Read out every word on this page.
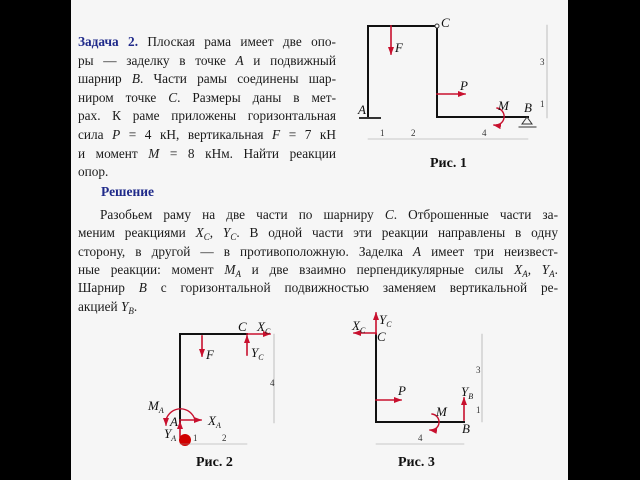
Задача 2. Плоская рама имеет две опо-
ры — заделку в точке A и подвижный
шарнир B. Части рамы соединены шар-
ниром точке C. Размеры даны в мет-
рах. К раме приложены горизонтальная
сила P = 4 кН, вертикальная F = 7 кН
и момент M = 8 кНм. Найти реакции
опор.
Решение
Разобьем раму на две части по шарниру C. Отброшенные части за-
меним реакциями $X_C$, $Y_C$. В одной части эти реакции направлены в одну
сторону, в другой — в противоположную. Заделка A имеет три неизвест-
ные реакции: момент $M_A$ и две взаимно перпендикулярные силы $X_A$, $Y_A$.
Шарнир B с горизонтальной подвижностью заменяем вертикальной ре-
акцией $Y_B$.
A	B
C
F⃗
P⃗
M
1	2	4
3
1
Рис. 1
C $X_C$
$Y_C$
F⃗
$M_A$
A $X_A$
$Y_A$
4
1	2
Рис. 2
$X_C$
$Y_C$
C
P⃗	$Y_B$
M
B
3
1
4
Рис. 3
